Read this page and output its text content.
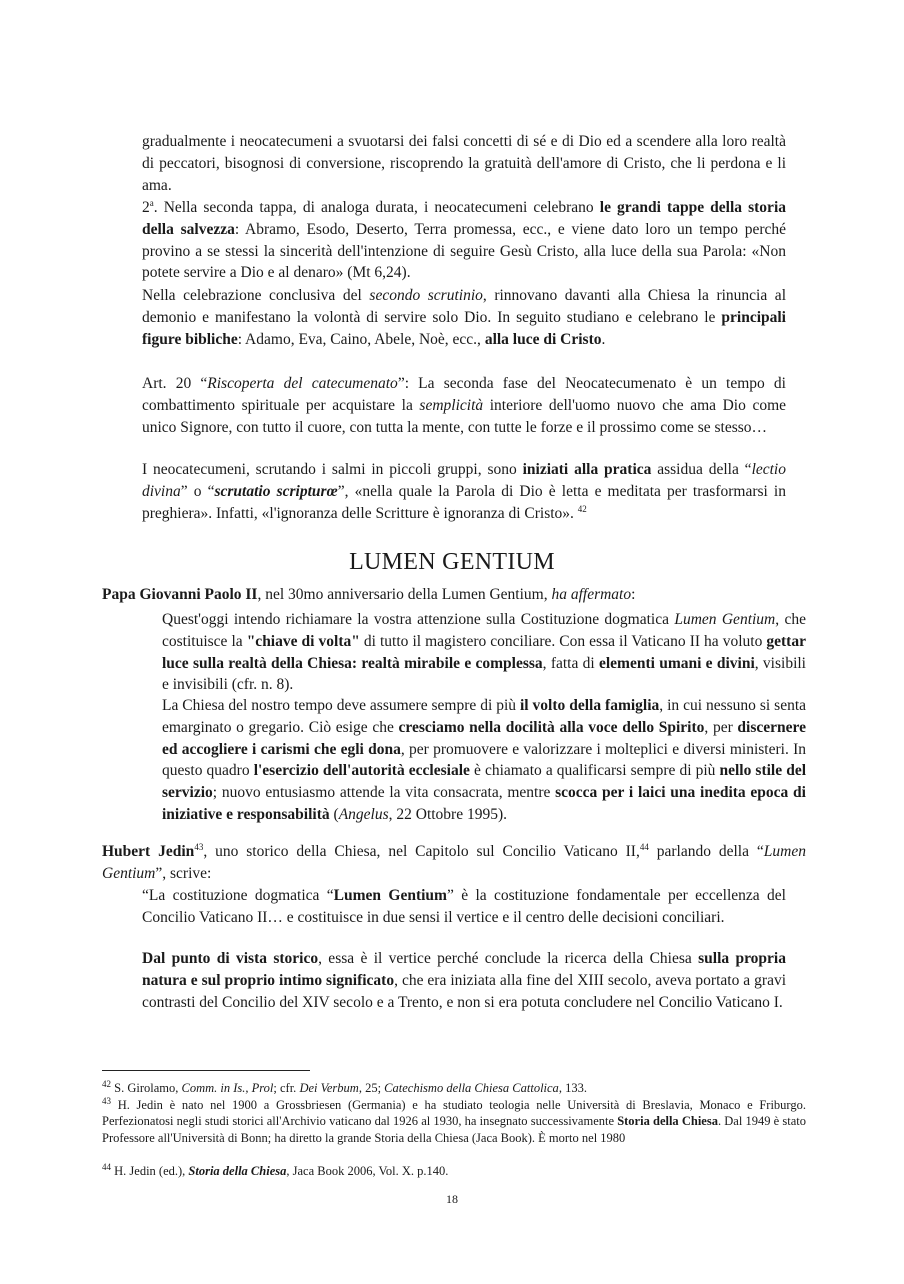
gradualmente i neocatecumeni a svuotarsi dei falsi concetti di sé e di Dio ed a scendere alla loro realtà di peccatori, bisognosi di conversione, riscoprendo la gratuità dell'amore di Cristo, che li perdona e li ama.

2$^a$. Nella seconda tappa, di analoga durata, i neocatecumeni celebrano le grandi tappe della storia della salvezza: Abramo, Esodo, Deserto, Terra promessa, ecc., e viene dato loro un tempo perché provino a se stessi la sincerità dell'intenzione di seguire Gesù Cristo, alla luce della sua Parola: «Non potete servire a Dio e al denaro» (Mt 6,24).

Nella celebrazione conclusiva del secondo scrutinio, rinnovano davanti alla Chiesa la rinuncia al demonio e manifestano la volontà di servire solo Dio. In seguito studiano e celebrano le principali figure bibliche: Adamo, Eva, Caino, Abele, Noè, ecc., alla luce di Cristo.

Art. 20 “Riscoperta del catecumenato”: La seconda fase del Neocatecumenato è un tempo di combattimento spirituale per acquistare la semplicità interiore dell'uomo nuovo che ama Dio come unico Signore, con tutto il cuore, con tutta la mente, con tutte le forze e il prossimo come se stesso…

I neocatecumeni, scrutando i salmi in piccoli gruppi, sono iniziati alla pratica assidua della “lectio divina” o “scrutatio scripturœ”, «nella quale la Parola di Dio è letta e meditata per trasformarsi in preghiera». Infatti, «l'ignoranza delle Scritture è ignoranza di Cristo». $^{42}$

LUMEN GENTIUM

Papa Giovanni Paolo II, nel 30mo anniversario della Lumen Gentium, ha affermato:

Quest'oggi intendo richiamare la vostra attenzione sulla Costituzione dogmatica Lumen Gentium, che costituisce la "chiave di volta" di tutto il magistero conciliare. Con essa il Vaticano II ha voluto gettar luce sulla realtà della Chiesa: realtà mirabile e complessa, fatta di elementi umani e divini, visibili e invisibili (cfr. n. 8).

La Chiesa del nostro tempo deve assumere sempre di più il volto della famiglia, in cui nessuno si senta emarginato o gregario. Ciò esige che cresciamo nella docilità alla voce dello Spirito, per discernere ed accogliere i carismi che egli dona, per promuovere e valorizzare i molteplici e diversi ministeri. In questo quadro l'esercizio dell'autorità ecclesiale è chiamato a qualificarsi sempre di più nello stile del servizio; nuovo entusiasmo attende la vita consacrata, mentre scocca per i laici una inedita epoca di iniziative e responsabilità (Angelus, 22 Ottobre 1995).

Hubert Jedin$^{43}$, uno storico della Chiesa, nel Capitolo sul Concilio Vaticano II,$^{44}$ parlando della “Lumen Gentium”, scrive:

“La costituzione dogmatica “Lumen Gentium” è la costituzione fondamentale per eccellenza del Concilio Vaticano II… e costituisce in due sensi il vertice e il centro delle decisioni conciliari.

Dal punto di vista storico, essa è il vertice perché conclude la ricerca della Chiesa sulla propria natura e sul proprio intimo significato, che era iniziata alla fine del XIII secolo, aveva portato a gravi contrasti del Concilio del XIV secolo e a Trento, e non si era potuta concludere nel Concilio Vaticano I.

$^{42}$ S. Girolamo, Comm. in Is., Prol; cfr. Dei Verbum, 25; Catechismo della Chiesa Cattolica, 133.

$^{43}$ H. Jedin è nato nel 1900 a Grossbriesen (Germania) e ha studiato teologia nelle Università di Breslavia, Monaco e Friburgo. Perfezionatosi negli studi storici all'Archivio vaticano dal 1926 al 1930, ha insegnato successivamente Storia della Chiesa. Dal 1949 è stato Professore all'Università di Bonn; ha diretto la grande Storia della Chiesa (Jaca Book). È morto nel 1980

$^{44}$ H. Jedin (ed.), Storia della Chiesa, Jaca Book 2006, Vol. X. p.140.

18
